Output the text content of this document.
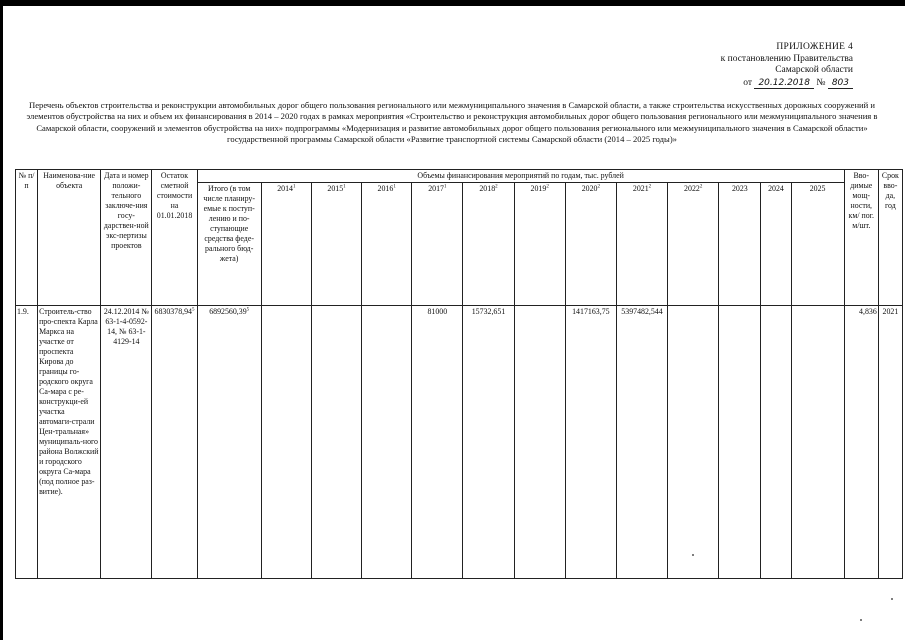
ПРИЛОЖЕНИЕ 4
к постановлению Правительства
Самарской области
от 20.12.2018 № 803
Перечень объектов строительства и реконструкции автомобильных дорог общего пользования регионального или межмуниципального значения в Самарской области, а также строительства искусственных дорожных сооружений и элементов обустройства на них и объем их финансирования в 2014 – 2020 годах в рамках мероприятия «Строительство и реконструкция автомобильных дорог общего пользования регионального или межмуниципального значения в Самарской области, сооружений и элементов обустройства на них» подпрограммы «Модернизация и развитие автомобильных дорог общего пользования регионального или межмуниципального значения в Самарской области» государственной программы Самарской области «Развитие транспортной системы Самарской области (2014 – 2025 годы)»
№ п/п	Наименова-ние объекта	Дата и номер положи-тельного заключе-ния госу-дарствен-ной экс-пертизы проектов	Остаток сметной стоимости на 01.01.2018	Объемы финансирования мероприятий по годам, тыс. рублей													Вво-димые мощ-ности, км/ пог. м/шт.	Срок вво-да, год
				Итого (в том числе планиру-емые к поступ-лению и по-ступающие средства феде-рального бюд-жета)	2014$^1$	2015$^1$	2016$^1$	2017$^1$	2018$^2$	2019$^2$	2020$^2$	2021$^2$	2022$^2$	2023	2024	2025		
1.9.	Строитель-ство про-спекта Карла Маркса на участке от проспекта Кирова до границы го-родского округа Са-мара с ре-конструкци-ей участка автомаги-страли Цен-тральная» муниципаль-ного района Волжский и городского округа Са-мара (под полное раз-витие).	24.12.2014 № 63-1-4-0592-14, № 63-1-4129-14	6830378,94$^5$	6892560,39$^5$				81000	15732,651		1417163,75	5397482,544					4,836	2021
